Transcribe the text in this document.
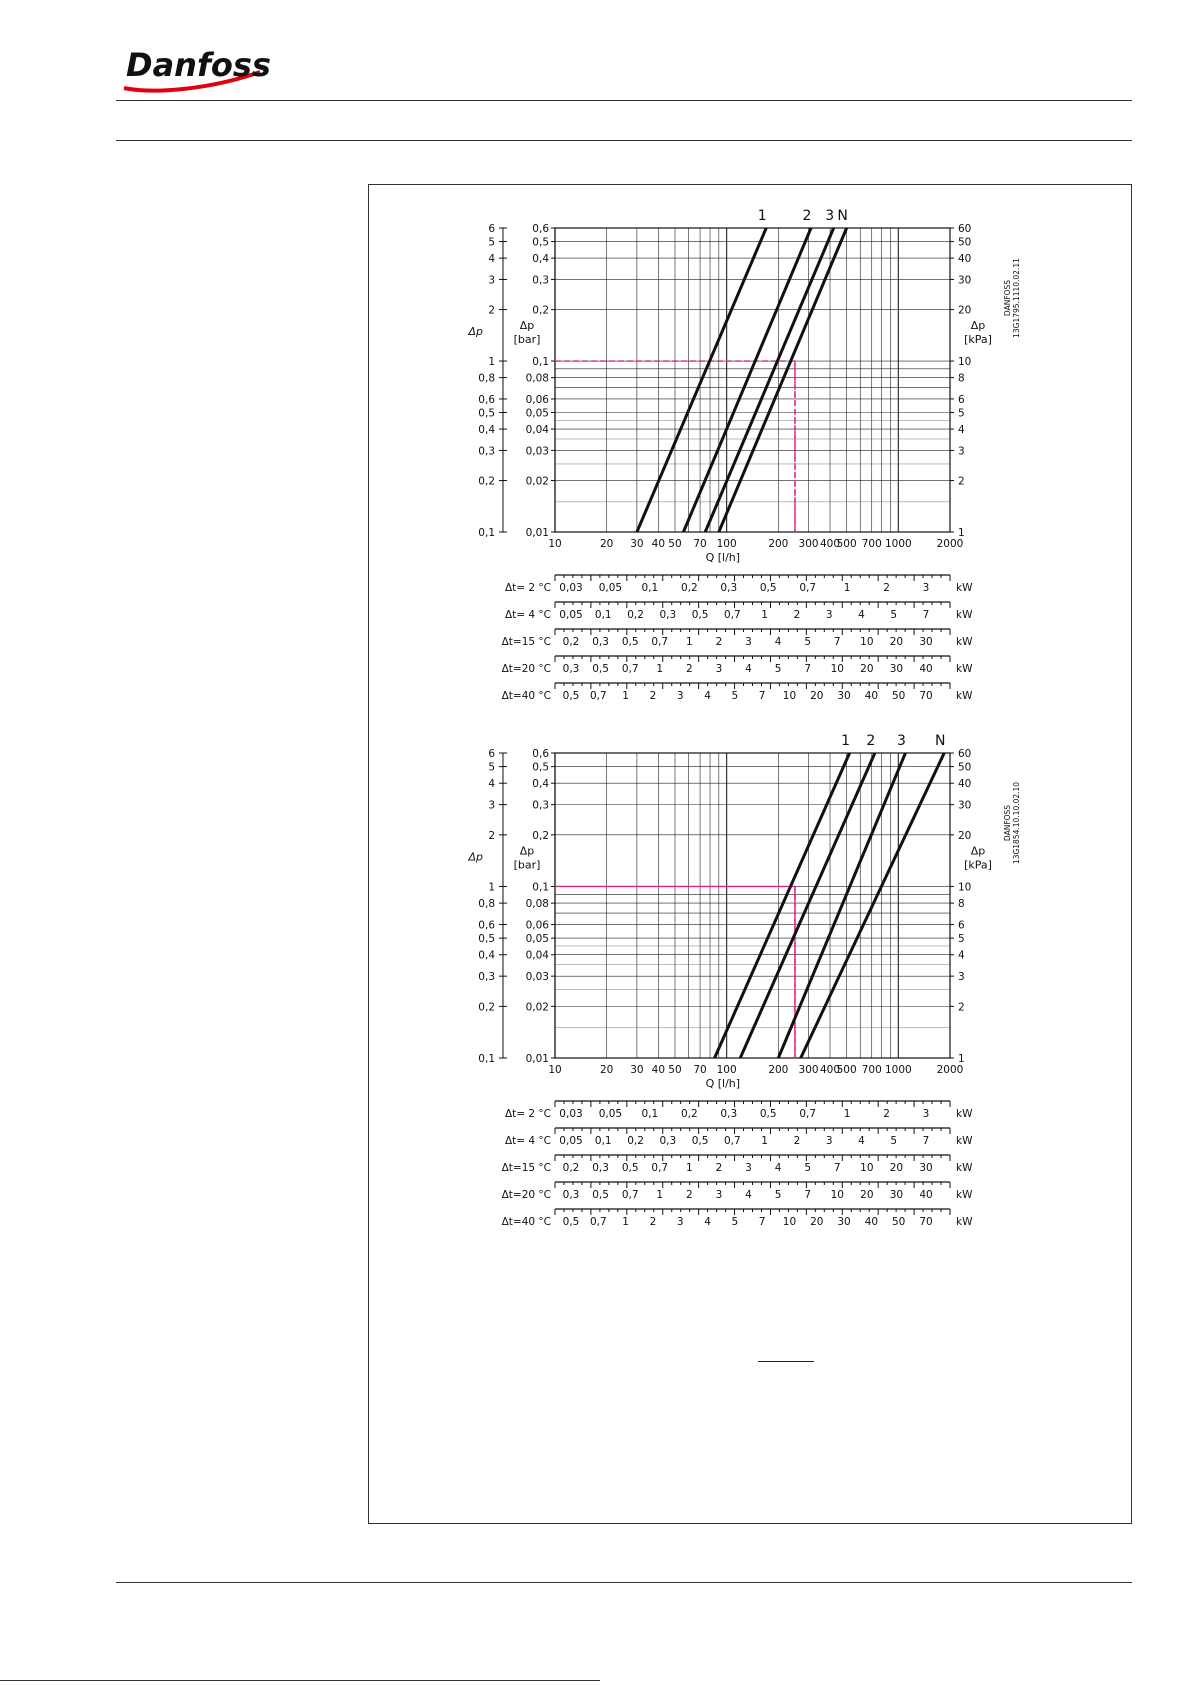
Danfoss
0,6
6	60
0,5
5	50
0,4
4	40
0,3
3	30
0,2
2	20
0,1
1	10
0,08
0,8	8
0,06
0,6	6
0,05
0,5	5
0,04
0,4	4
0,03
0,3	3
0,02
0,2	2
0,01
0,1	1
Δp	Δp
[bar]
Δp
[kPa]
DANFOSS 13G1795.1110.02.11
10	20 30 40 50 70 100	200 300 400
500 700 1000 2000
Q [l/h]
1	2 3 N
Δt= 2 °C	kW
0,03 0,05 0,1 0,2 0,3 0,5 0,7	1	2	3
Δt= 4 °C	kW
0,05 0,1 0,2 0,3 0,5 0,7 1 2 3 4 5 7
Δt=15 °C	kW
0,2 0,3 0,5 0,7 1 2 3 4 5 7 10 20 30
Δt=20 °C	kW
0,3 0,5 0,7 1 2 3 4 5 7 10 20 30 40
Δt=40 °C	kW
0,5 0,7 1 2 3 4 5 7 10 20 30 40 50 70
0,6
6	60
0,5
5	50
0,4
4	40
0,3
3	30
0,2
2	20
0,1
1	10
0,08
0,8	8
0,06
0,6	6
0,05
0,5	5
0,04
0,4	4
0,03
0,3	3
0,02
0,2	2
0,01
0,1	1
Δp	Δp
[bar]
Δp
[kPa]
DANFOSS 13G1854.10.10.02.10
10	20 30 40 50 70 100	200 300 400
500 700 1000 2000
Q [l/h]
1 2 3 N
Δt= 2 °C	kW
0,03 0,05 0,1 0,2 0,3 0,5 0,7	1	2	3
Δt= 4 °C	kW
0,05 0,1 0,2 0,3 0,5 0,7 1 2 3 4 5 7
Δt=15 °C	kW
0,2 0,3 0,5 0,7 1 2 3 4 5 7 10 20 30
Δt=20 °C	kW
0,3 0,5 0,7 1 2 3 4 5 7 10 20 30 40
Δt=40 °C	kW
0,5 0,7 1 2 3 4 5 7 10 20 30 40 50 70
